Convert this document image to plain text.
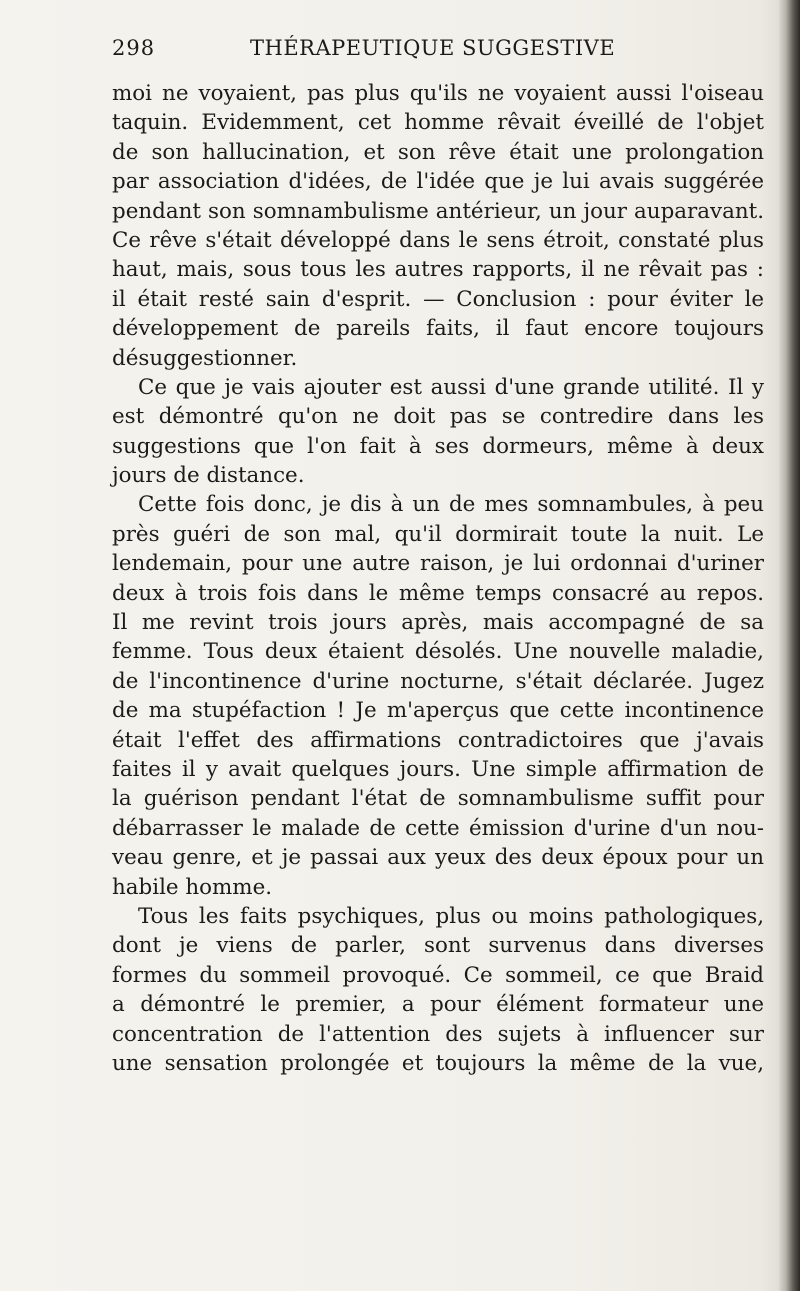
298	THÉRAPEUTIQUE SUGGESTIVE
moi ne voyaient, pas plus qu'ils ne voyaient aussi l'oiseau
taquin. Evidemment, cet homme rêvait éveillé de l'objet
de son hallucination, et son rêve était une prolongation
par association d'idées, de l'idée que je lui avais suggérée
pendant son somnambulisme antérieur, un jour auparavant.
Ce rêve s'était développé dans le sens étroit, constaté plus
haut, mais, sous tous les autres rapports, il ne rêvait pas :
il était resté sain d'esprit. — Conclusion : pour éviter le
développement de pareils faits, il faut encore toujours
désuggestionner.
Ce que je vais ajouter est aussi d'une grande utilité. Il y
est démontré qu'on ne doit pas se contredire dans les
suggestions que l'on fait à ses dormeurs, même à deux
jours de distance.
Cette fois donc, je dis à un de mes somnambules, à peu
près guéri de son mal, qu'il dormirait toute la nuit. Le
lendemain, pour une autre raison, je lui ordonnai d'uriner
deux à trois fois dans le même temps consacré au repos.
Il me revint trois jours après, mais accompagné de sa
femme. Tous deux étaient désolés. Une nouvelle maladie,
de l'incontinence d'urine nocturne, s'était déclarée. Jugez
de ma stupéfaction ! Je m'aperçus que cette incontinence
était l'effet des affirmations contradictoires que j'avais
faites il y avait quelques jours. Une simple affirmation de
la guérison pendant l'état de somnambulisme suffit pour
débarrasser le malade de cette émission d'urine d'un nou-
veau genre, et je passai aux yeux des deux époux pour un
habile homme.
Tous les faits psychiques, plus ou moins pathologiques,
dont je viens de parler, sont survenus dans diverses
formes du sommeil provoqué. Ce sommeil, ce que Braid
a démontré le premier, a pour élément formateur une
concentration de l'attention des sujets à influencer sur
une sensation prolongée et toujours la même de la vue,
